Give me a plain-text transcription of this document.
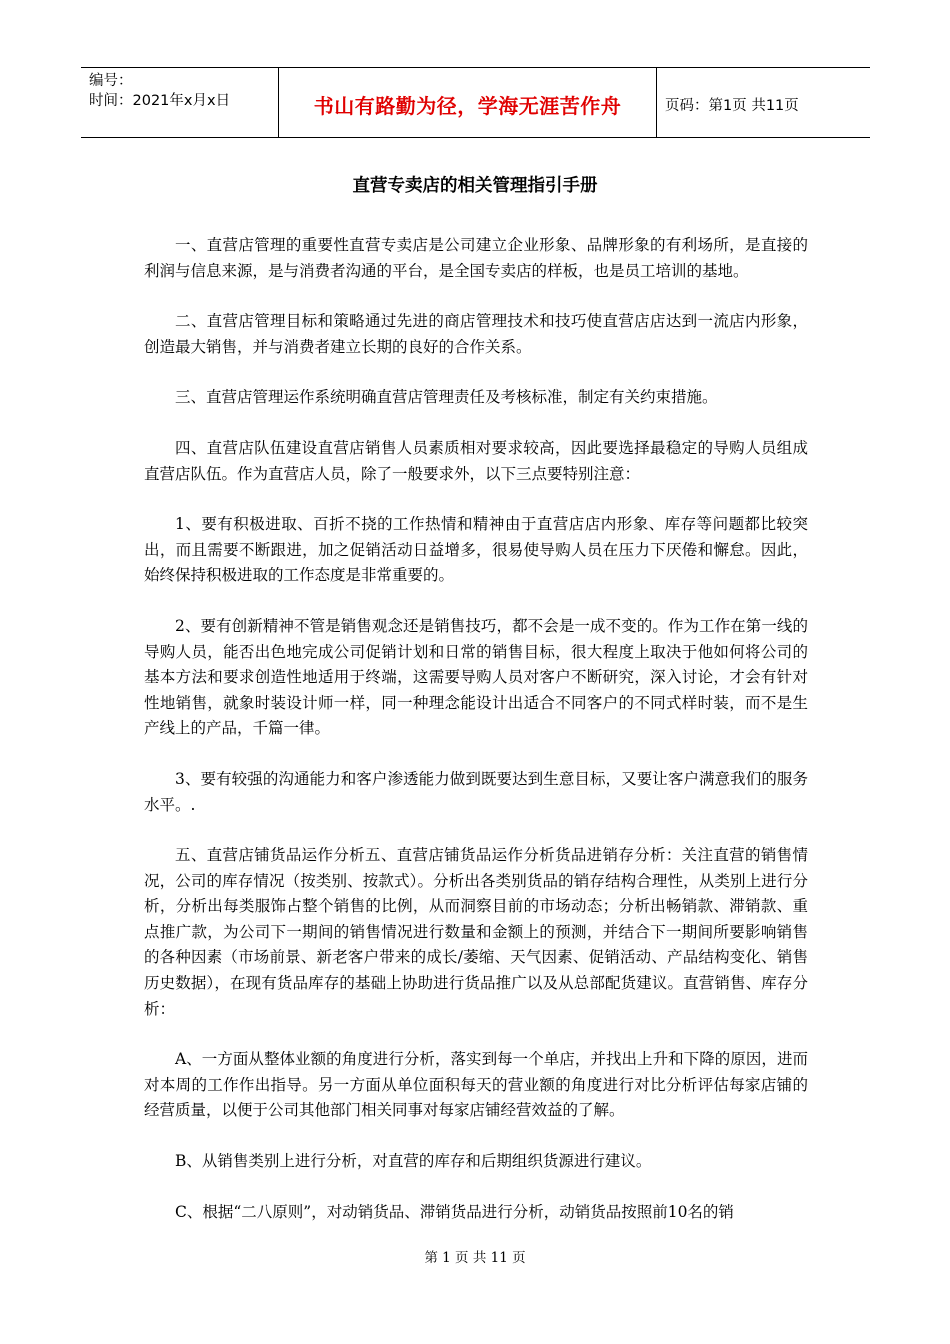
编号：
时间：2021年x月x日	书山有路勤为径，学海无涯苦作舟	页码：第1页 共11页
直营专卖店的相关管理指引手册

一、直营店管理的重要性直营专卖店是公司建立企业形象、品牌形象的有利场所，是直接的利润与信息来源，是与消费者沟通的平台，是全国专卖店的样板，也是员工培训的基地。

二、直营店管理目标和策略通过先进的商店管理技术和技巧使直营店店达到一流店内形象，创造最大销售，并与消费者建立长期的良好的合作关系。

三、直营店管理运作系统明确直营店管理责任及考核标准，制定有关约束措施。

四、直营店队伍建设直营店销售人员素质相对要求较高，因此要选择最稳定的导购人员组成直营店队伍。作为直营店人员，除了一般要求外，以下三点要特别注意：

1、要有积极进取、百折不挠的工作热情和精神由于直营店店内形象、库存等问题都比较突出，而且需要不断跟进，加之促销活动日益增多，很易使导购人员在压力下厌倦和懈怠。因此，始终保持积极进取的工作态度是非常重要的。

2、要有创新精神不管是销售观念还是销售技巧，都不会是一成不变的。作为工作在第一线的导购人员，能否出色地完成公司促销计划和日常的销售目标，很大程度上取决于他如何将公司的基本方法和要求创造性地适用于终端，这需要导购人员对客户不断研究，深入讨论，才会有针对性地销售，就象时装设计师一样，同一种理念能设计出适合不同客户的不同式样时装，而不是生产线上的产品，千篇一律。

3、要有较强的沟通能力和客户渗透能力做到既要达到生意目标，又要让客户满意我们的服务水平。.

五、直营店铺货品运作分析五、直营店铺货品运作分析货品进销存分析：关注直营的销售情况，公司的库存情况（按类别、按款式）。分析出各类别货品的销存结构合理性，从类别上进行分析，分析出每类服饰占整个销售的比例，从而洞察目前的市场动态；分析出畅销款、滞销款、重点推广款，为公司下一期间的销售情况进行数量和金额上的预测，并结合下一期间所要影响销售的各种因素（市场前景、新老客户带来的成长/萎缩、天气因素、促销活动、产品结构变化、销售历史数据），在现有货品库存的基础上协助进行货品推广以及从总部配货建议。直营销售、库存分析：

A、一方面从整体业额的角度进行分析，落实到每一个单店，并找出上升和下降的原因，进而对本周的工作作出指导。另一方面从单位面积每天的营业额的角度进行对比分析评估每家店铺的经营质量，以便于公司其他部门相关同事对每家店铺经营效益的了解。

B、从销售类别上进行分析，对直营的库存和后期组织货源进行建议。

C、根据“二八原则”，对动销货品、滞销货品进行分析，动销货品按照前10名的销

第 1 页 共 11 页
